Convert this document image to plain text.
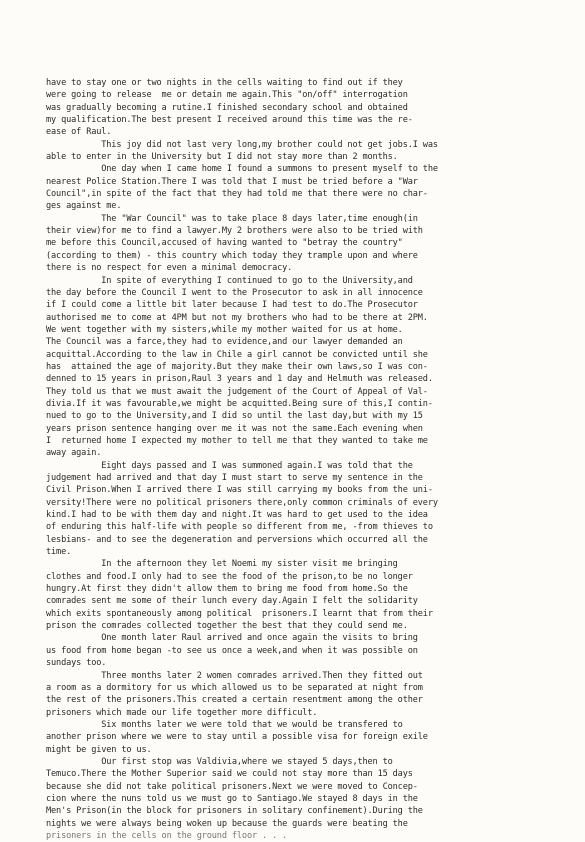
have to stay one or two nights in the cells waiting to find out if they
were going to release  me or detain me again.This "on/off" interrogation
was gradually becoming a rutine.I finished secondary school and obtained
my qualification.The best present I received around this time was the re-
ease of Raul.
This joy did not last very long,my brother could not get jobs.I was
able to enter in the University but I did not stay more than 2 months.
One day when I came home I found a summons to present myself to the
nearest Police Station.There I was told that I must be tried before a "War
Council",in spite of the fact that they had told me that there were no char-
ges against me.
The "War Council" was to take place 8 days later,time enough(in
their view)for me to find a lawyer.My 2 brothers were also to be tried with
me before this Council,accused of having wanted to "betray the country"
(according to them) - this country which today they trample upon and where
there is no respect for even a minimal democracy.
In spite of everything I continued to go to the University,and
the day before the Council I went to the Prosecutor to ask in all innocence
if I could come a little bit later because I had test to do.The Prosecutor
authorised me to come at 4PM but not my brothers who had to be there at 2PM.
We went together with my sisters,while my mother waited for us at home.
The Council was a farce,they had to evidence,and our lawyer demanded an
acquittal.According to the law in Chile a girl cannot be convicted until she
has  attained the age of majority.But they make their own laws,so I was con-
denned to 15 years in prison,Raul 3 years and 1 day and Helmuth was released.
They told us that we must await the judgement of the Court of Appeal of Val-
divia.If it was favourable,we might be acquitted.Being sure of this,I contin-
nued to go to the University,and I did so until the last day,but with my 15
years prison sentence hanging over me it was not the same.Each evening when
I  returned home I expected my mother to tell me that they wanted to take me
away again.
Eight days passed and I was summoned again.I was told that the
judgement had arrived and that day I must start to serve my sentence in the
Civil Prison.When I arrived there I was still carrying my books from the uni-
versity!There were no political prisoners there,only common criminals of every
kind.I had to be with them day and night.It was hard to get used to the idea
of enduring this half-life with people so different from me, -from thieves to
lesbians- and to see the degeneration and perversions which occurred all the
time.
In the afternoon they let Noemi my sister visit me bringing
clothes and food.I only had to see the food of the prison,to be no longer
hungry.At first they didn't allow them to bring me food from home.So the
comrades sent me some of their lunch every day.Again I felt the solidarity
which exits spontaneously among political  prisoners.I learnt that from their
prison the comrades collected together the best that they could send me.
One month later Raul arrived and once again the visits to bring
us food from home began -to see us once a week,and when it was possible on
sundays too.
Three months later 2 women comrades arrived.Then they fitted out
a room as a dormitory for us which allowed us to be separated at night from
the rest of the prisoners.This created a certain resentment among the other
prisoners which made our life together more difficult.
Six months later we were told that we would be transfered to
another prison where we were to stay until a possible visa for foreign exile
might be given to us.
Our first stop was Valdivia,where we stayed 5 days,then to
Temuco.There the Mother Superior said we could not stay more than 15 days
because she did not take political prisoners.Next we were moved to Concep-
cion where the nuns told us we must go to Santiago.We stayed 8 days in the
Men's Prison(in the block for prisoners in solitary confinement).During the
nights we were always being woken up because the guards were beating the
prisoners in the cells on the ground floor . . .
